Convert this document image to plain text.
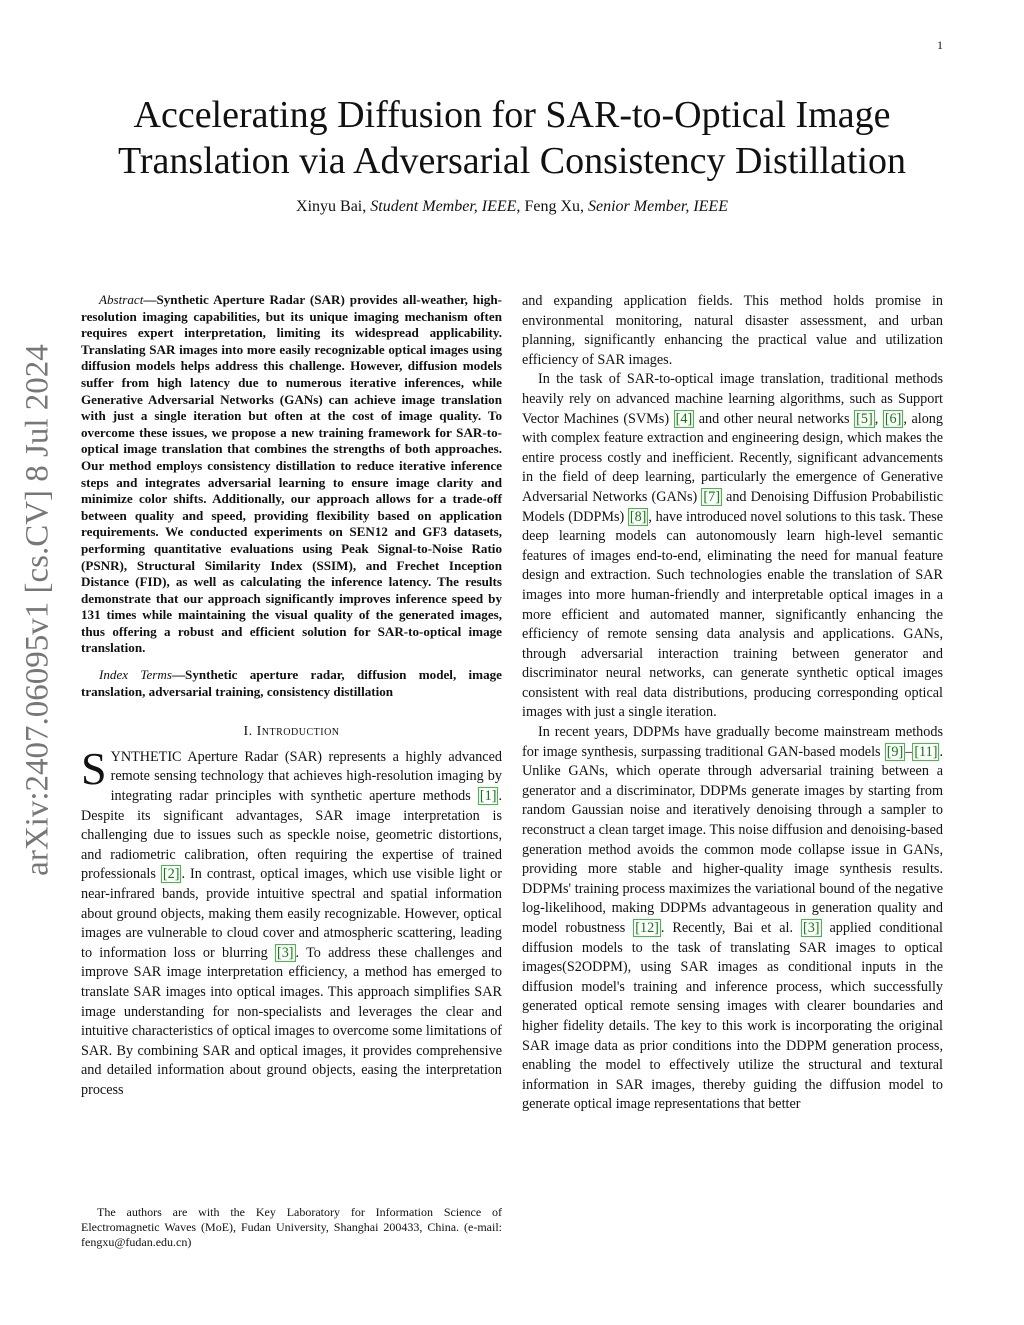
1
arXiv:2407.06095v1 [cs.CV] 8 Jul 2024
Accelerating Diffusion for SAR-to-Optical Image
Translation via Adversarial Consistency Distillation
Xinyu Bai, Student Member, IEEE, Feng Xu, Senior Member, IEEE

Abstract—Synthetic Aperture Radar (SAR) provides all-weather, high-resolution imaging capabilities, but its unique imaging mechanism often requires expert interpretation, limiting its widespread applicability. Translating SAR images into more easily recognizable optical images using diffusion models helps address this challenge. However, diffusion models suffer from high latency due to numerous iterative inferences, while Generative Adversarial Networks (GANs) can achieve image translation with just a single iteration but often at the cost of image quality. To overcome these issues, we propose a new training framework for SAR-to-optical image translation that combines the strengths of both approaches. Our method employs consistency distillation to reduce iterative inference steps and integrates adversarial learning to ensure image clarity and minimize color shifts. Additionally, our approach allows for a trade-off between quality and speed, providing flexibility based on application requirements. We conducted experiments on SEN12 and GF3 datasets, performing quantitative evaluations using Peak Signal-to-Noise Ratio (PSNR), Structural Similarity Index (SSIM), and Frechet Inception Distance (FID), as well as calculating the inference latency. The results demonstrate that our approach significantly improves inference speed by 131 times while maintaining the visual quality of the generated images, thus offering a robust and efficient solution for SAR-to-optical image translation.

Index Terms—Synthetic aperture radar, diffusion model, image translation, adversarial training, consistency distillation

I. Introduction

SYNTHETIC Aperture Radar (SAR) represents a highly advanced remote sensing technology that achieves high-resolution imaging by integrating radar principles with synthetic aperture methods [1] . Despite its significant advantages, SAR image interpretation is challenging due to issues such as speckle noise, geometric distortions, and radiometric calibration, often requiring the expertise of trained professionals [2] . In contrast, optical images, which use visible light or near-infrared bands, provide intuitive spectral and spatial information about ground objects, making them easily recognizable. However, optical images are vulnerable to cloud cover and atmospheric scattering, leading to information loss or blurring [3] . To address these challenges and improve SAR image interpretation efficiency, a method has emerged to translate SAR images into optical images. This approach simplifies SAR image understanding for non-specialists and leverages the clear and intuitive characteristics of optical images to overcome some limitations of SAR. By combining SAR and optical images, it provides comprehensive and detailed information about ground objects, easing the interpretation process

The authors are with the Key Laboratory for Information Science of Electromagnetic Waves (MoE), Fudan University, Shanghai 200433, China. (e-mail: fengxu@fudan.edu.cn)

and expanding application fields. This method holds promise in environmental monitoring, natural disaster assessment, and urban planning, significantly enhancing the practical value and utilization efficiency of SAR images.

In the task of SAR-to-optical image translation, traditional methods heavily rely on advanced machine learning algorithms, such as Support Vector Machines (SVMs) [4] and other neural networks [5] , [6] , along with complex feature extraction and engineering design, which makes the entire process costly and inefficient. Recently, significant advancements in the field of deep learning, particularly the emergence of Generative Adversarial Networks (GANs) [7] and Denoising Diffusion Probabilistic Models (DDPMs) [8] , have introduced novel solutions to this task. These deep learning models can autonomously learn high-level semantic features of images end-to-end, eliminating the need for manual feature design and extraction. Such technologies enable the translation of SAR images into more human-friendly and interpretable optical images in a more efficient and automated manner, significantly enhancing the efficiency of remote sensing data analysis and applications. GANs, through adversarial interaction training between generator and discriminator neural networks, can generate synthetic optical images consistent with real data distributions, producing corresponding optical images with just a single iteration.

In recent years, DDPMs have gradually become mainstream methods for image synthesis, surpassing traditional GAN-based models [9] – [11] . Unlike GANs, which operate through adversarial training between a generator and a discriminator, DDPMs generate images by starting from random Gaussian noise and iteratively denoising through a sampler to reconstruct a clean target image. This noise diffusion and denoising-based generation method avoids the common mode collapse issue in GANs, providing more stable and higher-quality image synthesis results. DDPMs' training process maximizes the variational bound of the negative log-likelihood, making DDPMs advantageous in generation quality and model robustness [12] . Recently, Bai et al. [3] applied conditional diffusion models to the task of translating SAR images to optical images(S2ODPM), using SAR images as conditional inputs in the diffusion model's training and inference process, which successfully generated optical remote sensing images with clearer boundaries and higher fidelity details. The key to this work is incorporating the original SAR image data as prior conditions into the DDPM generation process, enabling the model to effectively utilize the structural and textural information in SAR images, thereby guiding the diffusion model to generate optical image representations that better
